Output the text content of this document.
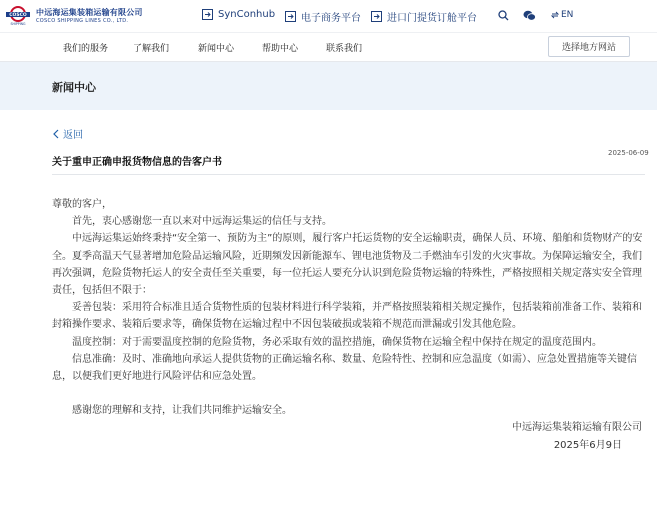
COSCO
SHIPPING
中远海运集装箱运输有限公司
COSCO SHIPPING LINES CO., LTD.
SynConhub	电子商务平台	进口门提货订舱平台	EN
我们的服务	了解我们	新闻中心	帮助中心	联系我们	选择地方网站
新闻中心
返回
关于重申正确申报货物信息的告客户书
2025-06-09

尊敬的客户，

首先，衷心感谢您一直以来对中远海运集运的信任与支持。

中远海运集运始终秉持“安全第一、预防为主”的原则，履行客户托运货物的安全运输职责，确保人员、环境、船舶和货物财产的安全。夏季高温天气显著增加危险品运输风险，近期频发因新能源车、锂电池货物及二手燃油车引发的火灾事故。为保障运输安全，我们再次强调，危险货物托运人的安全责任至关重要，每一位托运人要充分认识到危险货物运输的特殊性，严格按照相关规定落实安全管理责任，包括但不限于：

妥善包装：采用符合标准且适合货物性质的包装材料进行科学装箱，并严格按照装箱相关规定操作，包括装箱前准备工作、装箱和封箱操作要求、装箱后要求等，确保货物在运输过程中不因包装破损或装箱不规范而泄漏或引发其他危险。

温度控制：对于需要温度控制的危险货物，务必采取有效的温控措施，确保货物在运输全程中保持在规定的温度范围内。

信息准确：及时、准确地向承运人提供货物的正确运输名称、数量、危险特性、控制和应急温度（如需）、应急处置措施等关键信息，以便我们更好地进行风险评估和应急处置。

感谢您的理解和支持，让我们共同维护运输安全。

中远海运集装箱运输有限公司

2025年6月9日
